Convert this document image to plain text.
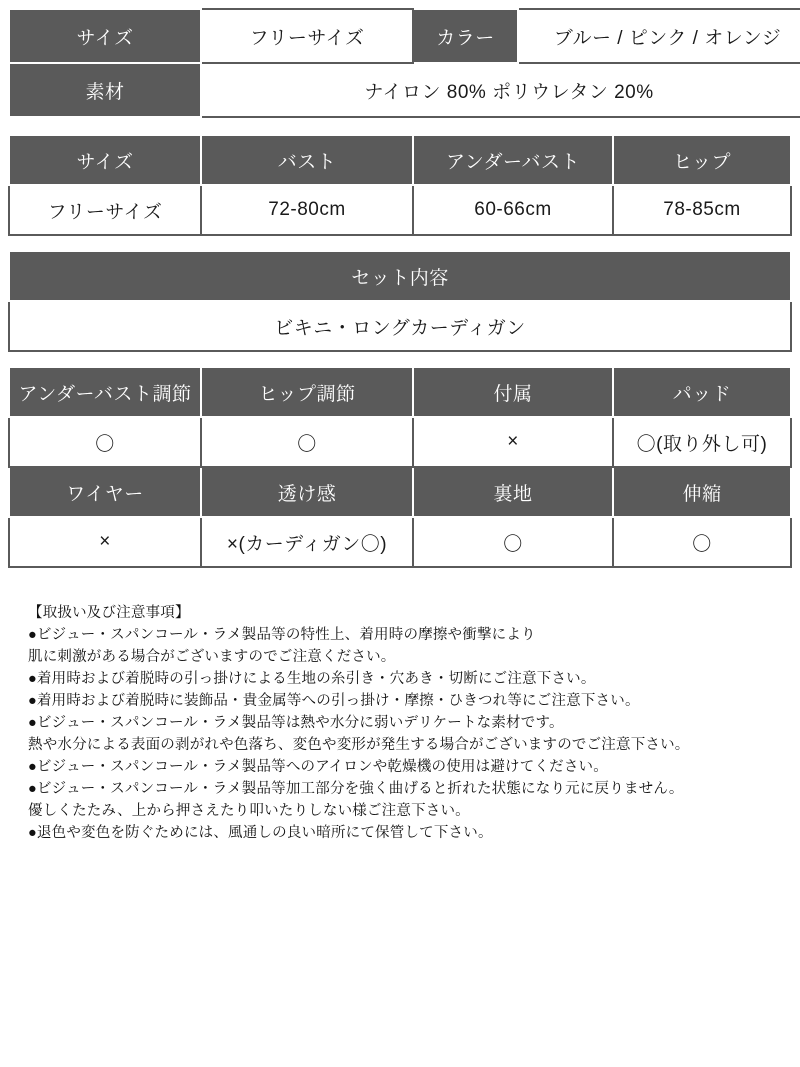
サイズ	フリーサイズ	カラー	ブルー / ピンク / オレンジ
素材	ナイロン 80% ポリウレタン 20%		
サイズ	バスト	アンダーバスト	ヒップ
フリーサイズ	72-80cm	60-66cm	78-85cm
セット内容
ビキニ・ロングカーディガン
アンダーバスト調節	ヒップ調節	付属	パッド
〇	〇	×	〇(取り外し可)
ワイヤー	透け感	裏地	伸縮
×	×(カーディガン〇)	〇	〇
【取扱い及び注意事項】
●ビジュー・スパンコール・ラメ製品等の特性上、着用時の摩擦や衝撃により
肌に刺激がある場合がございますのでご注意ください。
●着用時および着脱時の引っ掛けによる生地の糸引き・穴あき・切断にご注意下さい。
●着用時および着脱時に装飾品・貴金属等への引っ掛け・摩擦・ひきつれ等にご注意下さい。
●ビジュー・スパンコール・ラメ製品等は熱や水分に弱いデリケートな素材です。
熱や水分による表面の剥がれや色落ち、変色や変形が発生する場合がございますのでご注意下さい。
●ビジュー・スパンコール・ラメ製品等へのアイロンや乾燥機の使用は避けてください。
●ビジュー・スパンコール・ラメ製品等加工部分を強く曲げると折れた状態になり元に戻りません。
優しくたたみ、上から押さえたり叩いたりしない様ご注意下さい。
●退色や変色を防ぐためには、風通しの良い暗所にて保管して下さい。
